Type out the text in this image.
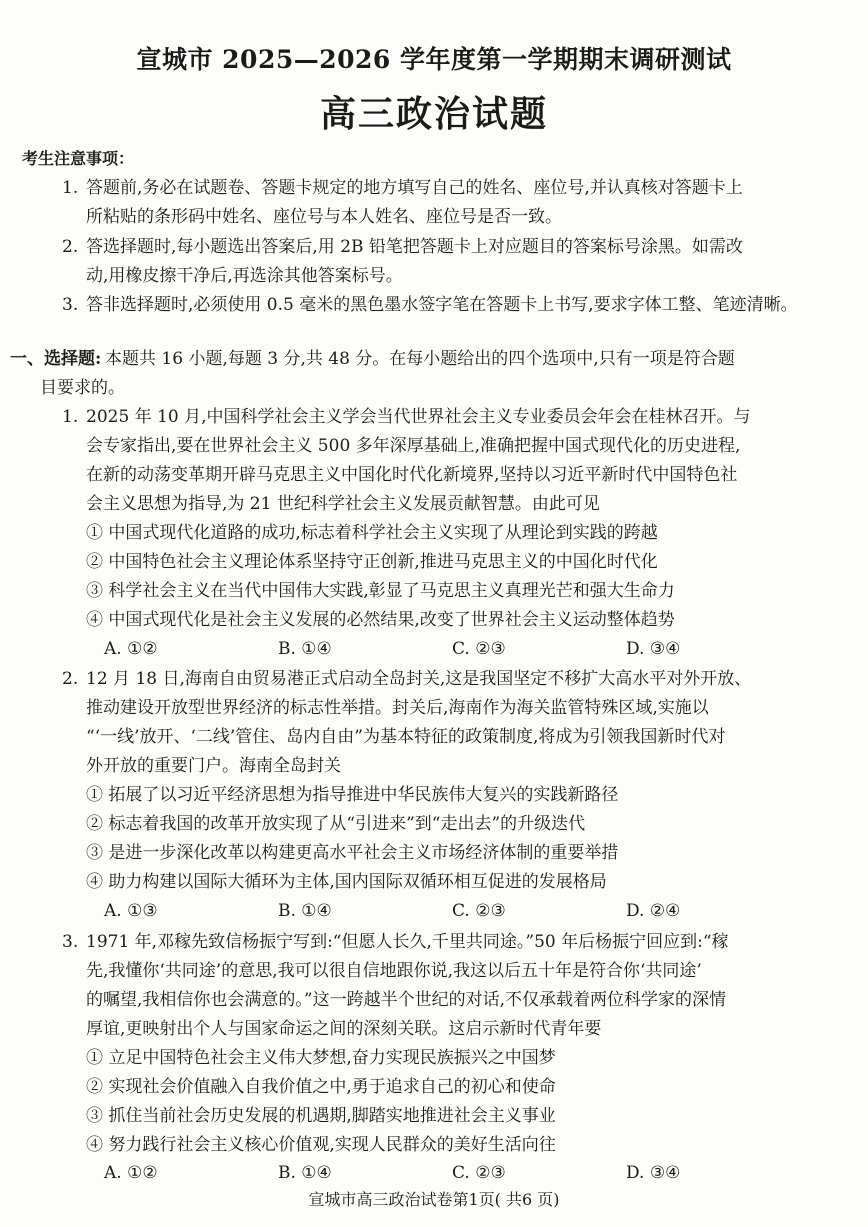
宣城市 2025—2026 学年度第一学期期末调研测试
高三政治试题
考生注意事项：
1. 答题前,务必在试题卷、答题卡规定的地方填写自己的姓名、座位号,并认真核对答题卡上
所粘贴的条形码中姓名、座位号与本人姓名、座位号是否一致。
2. 答选择题时,每小题选出答案后,用 2B 铅笔把答题卡上对应题目的答案标号涂黑。如需改
动,用橡皮擦干净后,再选涂其他答案标号。
3. 答非选择题时,必须使用 0.5 毫米的黑色墨水签字笔在答题卡上书写,要求字体工整、笔迹清晰。
一、选择题: 本题共 16 小题,每题 3 分,共 48 分。在每小题给出的四个选项中,只有一项是符合题
目要求的。
1. 2025 年 10 月,中国科学社会主义学会当代世界社会主义专业委员会年会在桂林召开。与
会专家指出,要在世界社会主义 500 多年深厚基础上,准确把握中国式现代化的历史进程,
在新的动荡变革期开辟马克思主义中国化时代化新境界,坚持以习近平新时代中国特色社
会主义思想为指导,为 21 世纪科学社会主义发展贡献智慧。由此可见
① 中国式现代化道路的成功,标志着科学社会主义实现了从理论到实践的跨越
② 中国特色社会主义理论体系坚持守正创新,推进马克思主义的中国化时代化
③ 科学社会主义在当代中国伟大实践,彰显了马克思主义真理光芒和强大生命力
④ 中国式现代化是社会主义发展的必然结果,改变了世界社会主义运动整体趋势
A. ①②	B. ①④	C. ②③	D. ③④
2. 12 月 18 日,海南自由贸易港正式启动全岛封关,这是我国坚定不移扩大高水平对外开放、
推动建设开放型世界经济的标志性举措。封关后,海南作为海关监管特殊区域,实施以
“‘一线’放开、‘二线’管住、岛内自由”为基本特征的政策制度,将成为引领我国新时代对
外开放的重要门户。海南全岛封关
① 拓展了以习近平经济思想为指导推进中华民族伟大复兴的实践新路径
② 标志着我国的改革开放实现了从“引进来”到“走出去”的升级迭代
③ 是进一步深化改革以构建更高水平社会主义市场经济体制的重要举措
④ 助力构建以国际大循环为主体,国内国际双循环相互促进的发展格局
A. ①③	B. ①④	C. ②③	D. ②④
3. 1971 年,邓稼先致信杨振宁写到:“但愿人长久,千里共同途。”50 年后杨振宁回应到:“稼
先,我懂你‘共同途’的意思,我可以很自信地跟你说,我这以后五十年是符合你‘共同途’
的嘱望,我相信你也会满意的。”这一跨越半个世纪的对话,不仅承载着两位科学家的深情
厚谊,更映射出个人与国家命运之间的深刻关联。这启示新时代青年要
① 立足中国特色社会主义伟大梦想,奋力实现民族振兴之中国梦
② 实现社会价值融入自我价值之中,勇于追求自己的初心和使命
③ 抓住当前社会历史发展的机遇期,脚踏实地推进社会主义事业
④ 努力践行社会主义核心价值观,实现人民群众的美好生活向往
A. ①②	B. ①④	C. ②③	D. ③④
宣城市高三政治试卷第1页( 共6 页)
